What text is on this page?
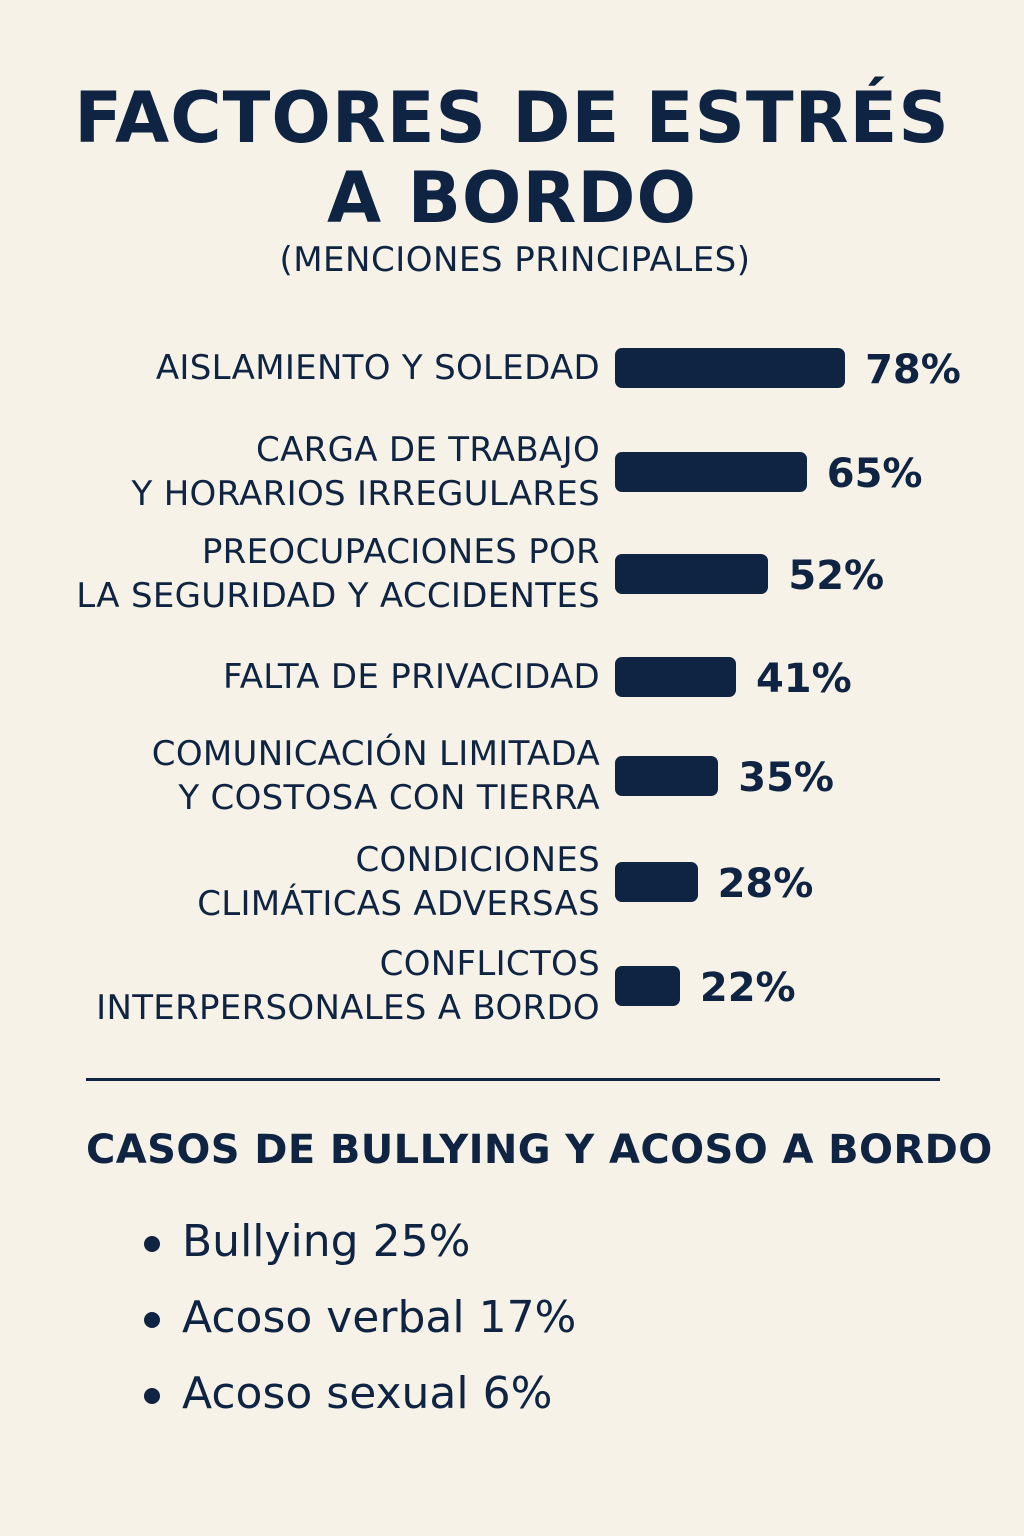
FACTORES DE ESTRÉS
A BORDO
(MENCIONES PRINCIPALES)
AISLAMIENTO Y SOLEDAD	78%
CARGA DE TRABAJO
Y HORARIOS IRREGULARES	65%
PREOCUPACIONES POR
LA SEGURIDAD Y ACCIDENTES	52%
FALTA DE PRIVACIDAD	41%
COMUNICACIÓN LIMITADA
Y COSTOSA CON TIERRA	35%
CONDICIONES
CLIMÁTICAS ADVERSAS	28%
CONFLICTOS
INTERPERSONALES A BORDO 22%
CASOS DE BULLYING Y ACOSO A BORDO
Bullying 25%
Acoso verbal 17%
Acoso sexual 6%
